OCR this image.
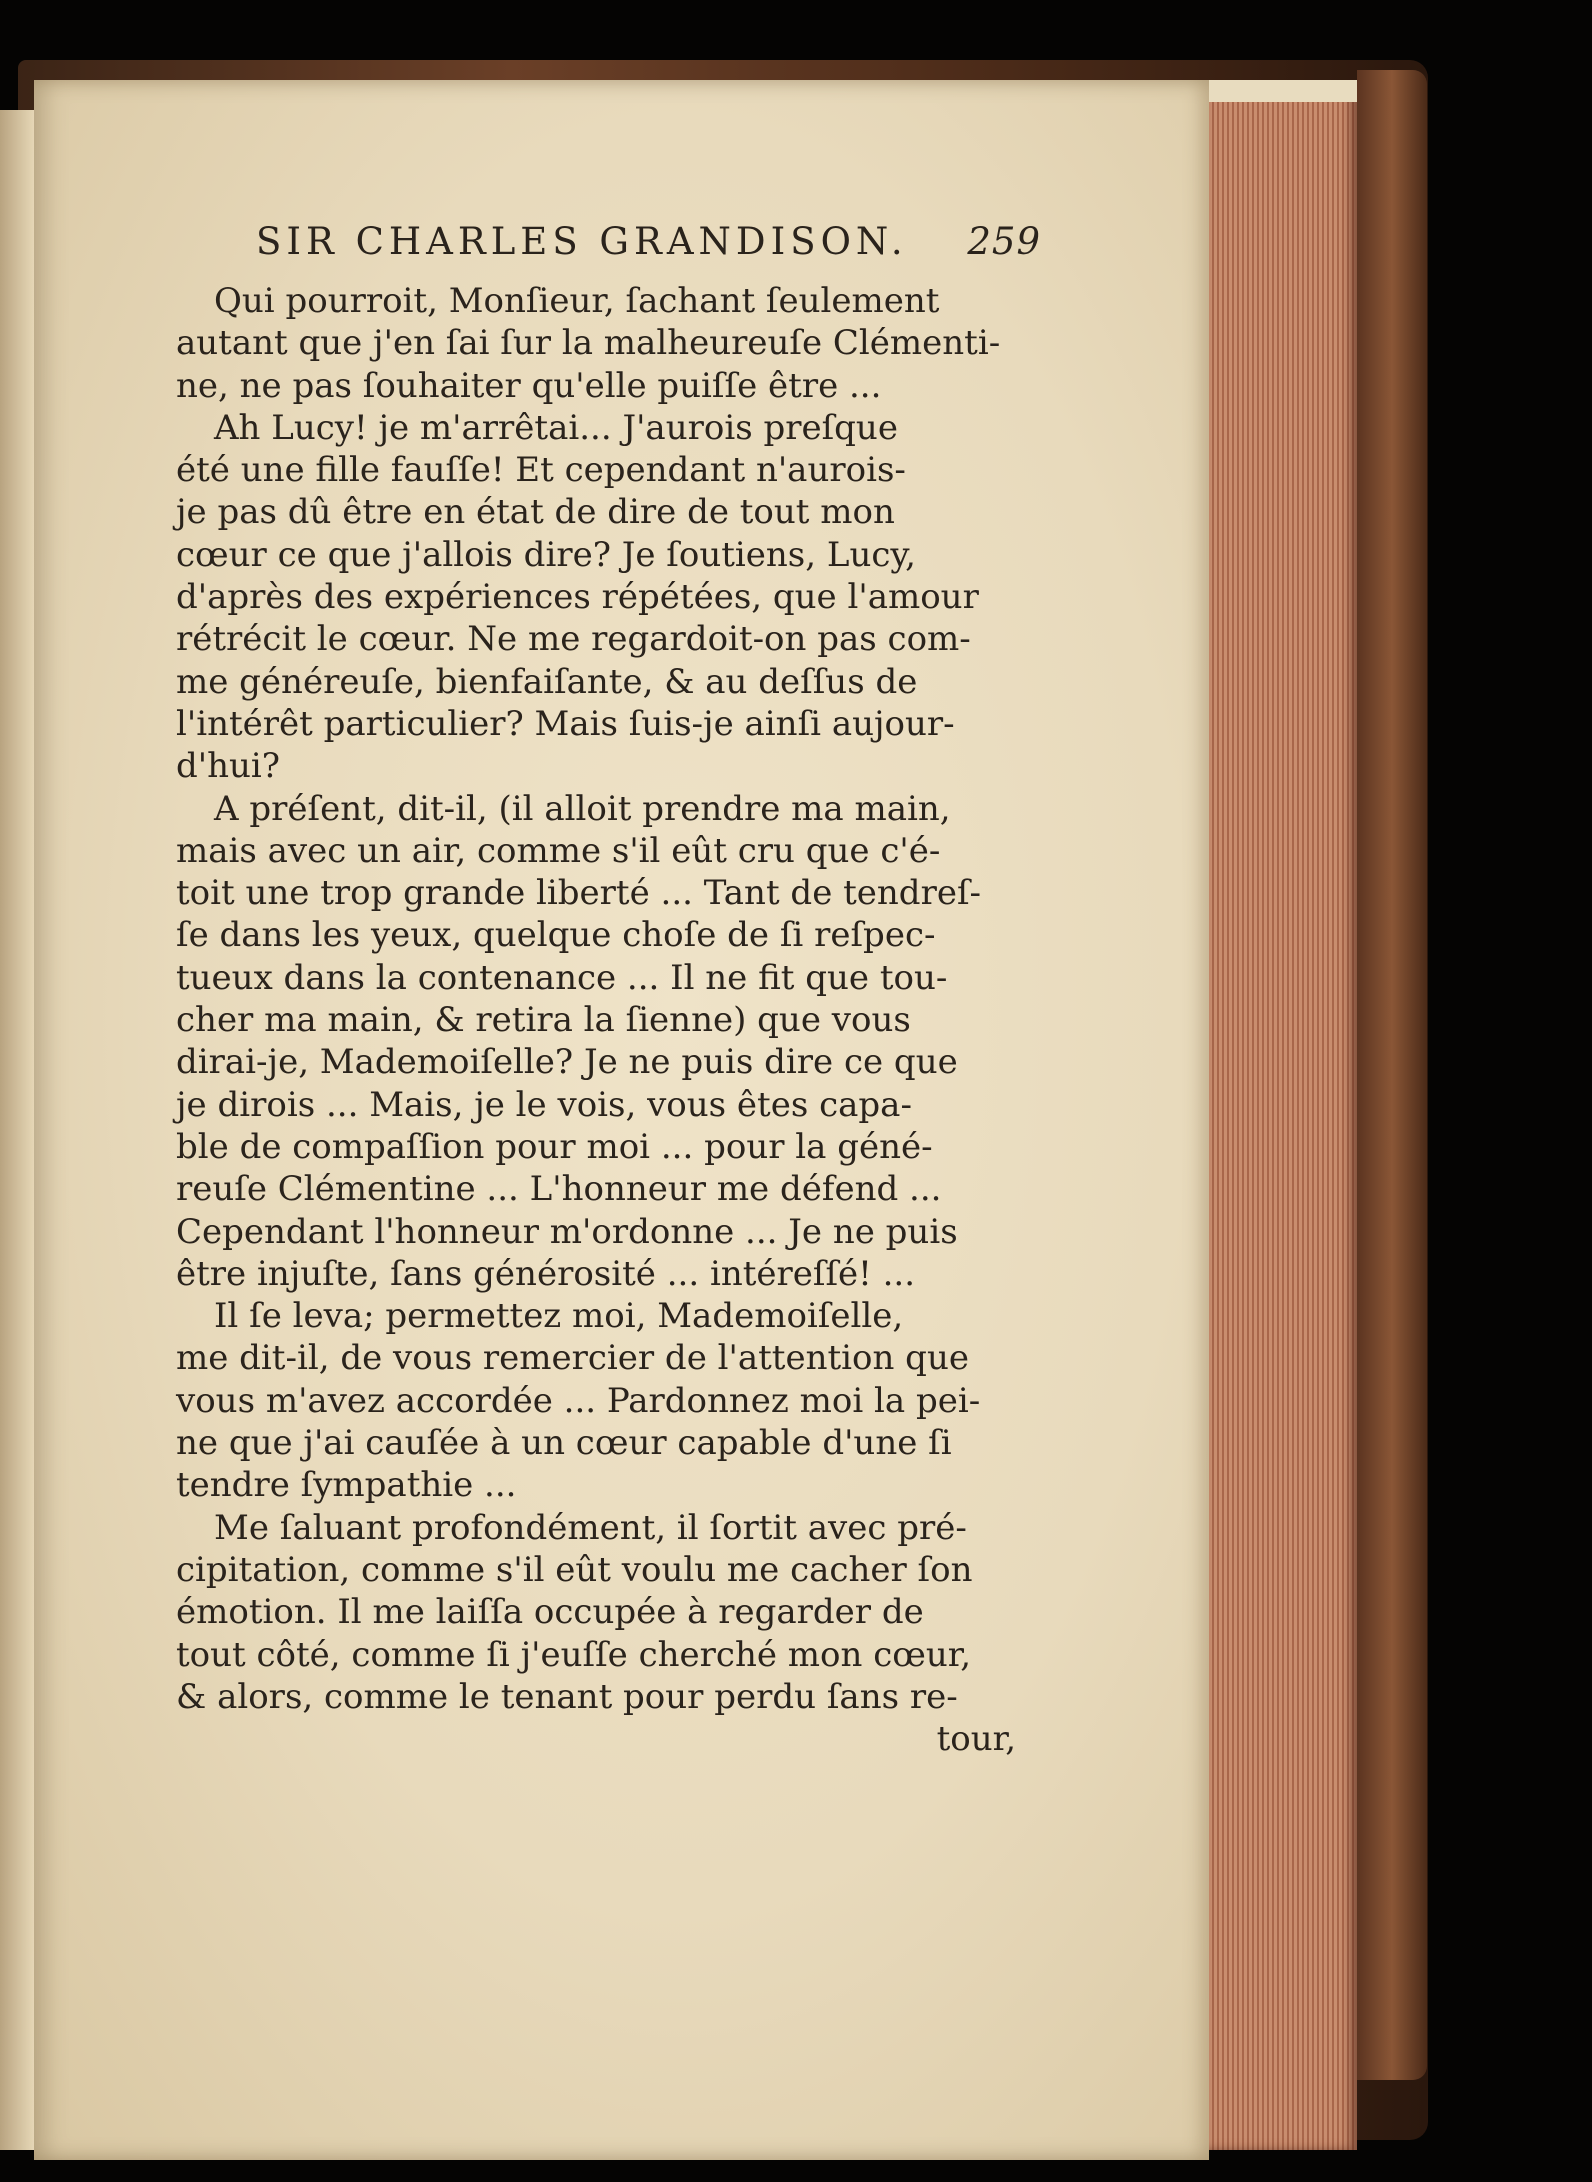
SIR CHARLES GRANDISON. 259
Qui pourroit, Monſieur, ſachant ſeulement
autant que j'en ſai ſur la malheureuſe Clémenti-
ne, ne pas ſouhaiter qu'elle puiſſe être ...
Ah Lucy! je m'arrêtai... J'aurois preſque
été une fille fauſſe! Et cependant n'aurois-
je pas dû être en état de dire de tout mon
cœur ce que j'allois dire? Je ſoutiens, Lucy,
d'après des expériences répétées, que l'amour
rétrécit le cœur. Ne me regardoit-on pas com-
me généreuſe, bienfaiſante, & au deſſus de
l'intérêt particulier? Mais ſuis-je ainſi aujour-
d'hui?
A préſent, dit-il, (il alloit prendre ma main,
mais avec un air, comme s'il eût cru que c'é-
toit une trop grande liberté ... Tant de tendreſ-
ſe dans les yeux, quelque choſe de ſi reſpec-
tueux dans la contenance ... Il ne fit que tou-
cher ma main, & retira la ſienne) que vous
dirai-je, Mademoiſelle? Je ne puis dire ce que
je dirois ... Mais, je le vois, vous êtes capa-
ble de compaſſion pour moi ... pour la géné-
reuſe Clémentine ... L'honneur me défend ...
Cependant l'honneur m'ordonne ... Je ne puis
être injuſte, ſans générosité ... intéreſſé! ...
Il ſe leva; permettez moi, Mademoiſelle,
me dit-il, de vous remercier de l'attention que
vous m'avez accordée ... Pardonnez moi la pei-
ne que j'ai cauſée à un cœur capable d'une ſi
tendre ſympathie ...
Me ſaluant profondément, il ſortit avec pré-
cipitation, comme s'il eût voulu me cacher ſon
émotion. Il me laiſſa occupée à regarder de
tout côté, comme ſi j'euſſe cherché mon cœur,
& alors, comme le tenant pour perdu ſans re-
tour,
